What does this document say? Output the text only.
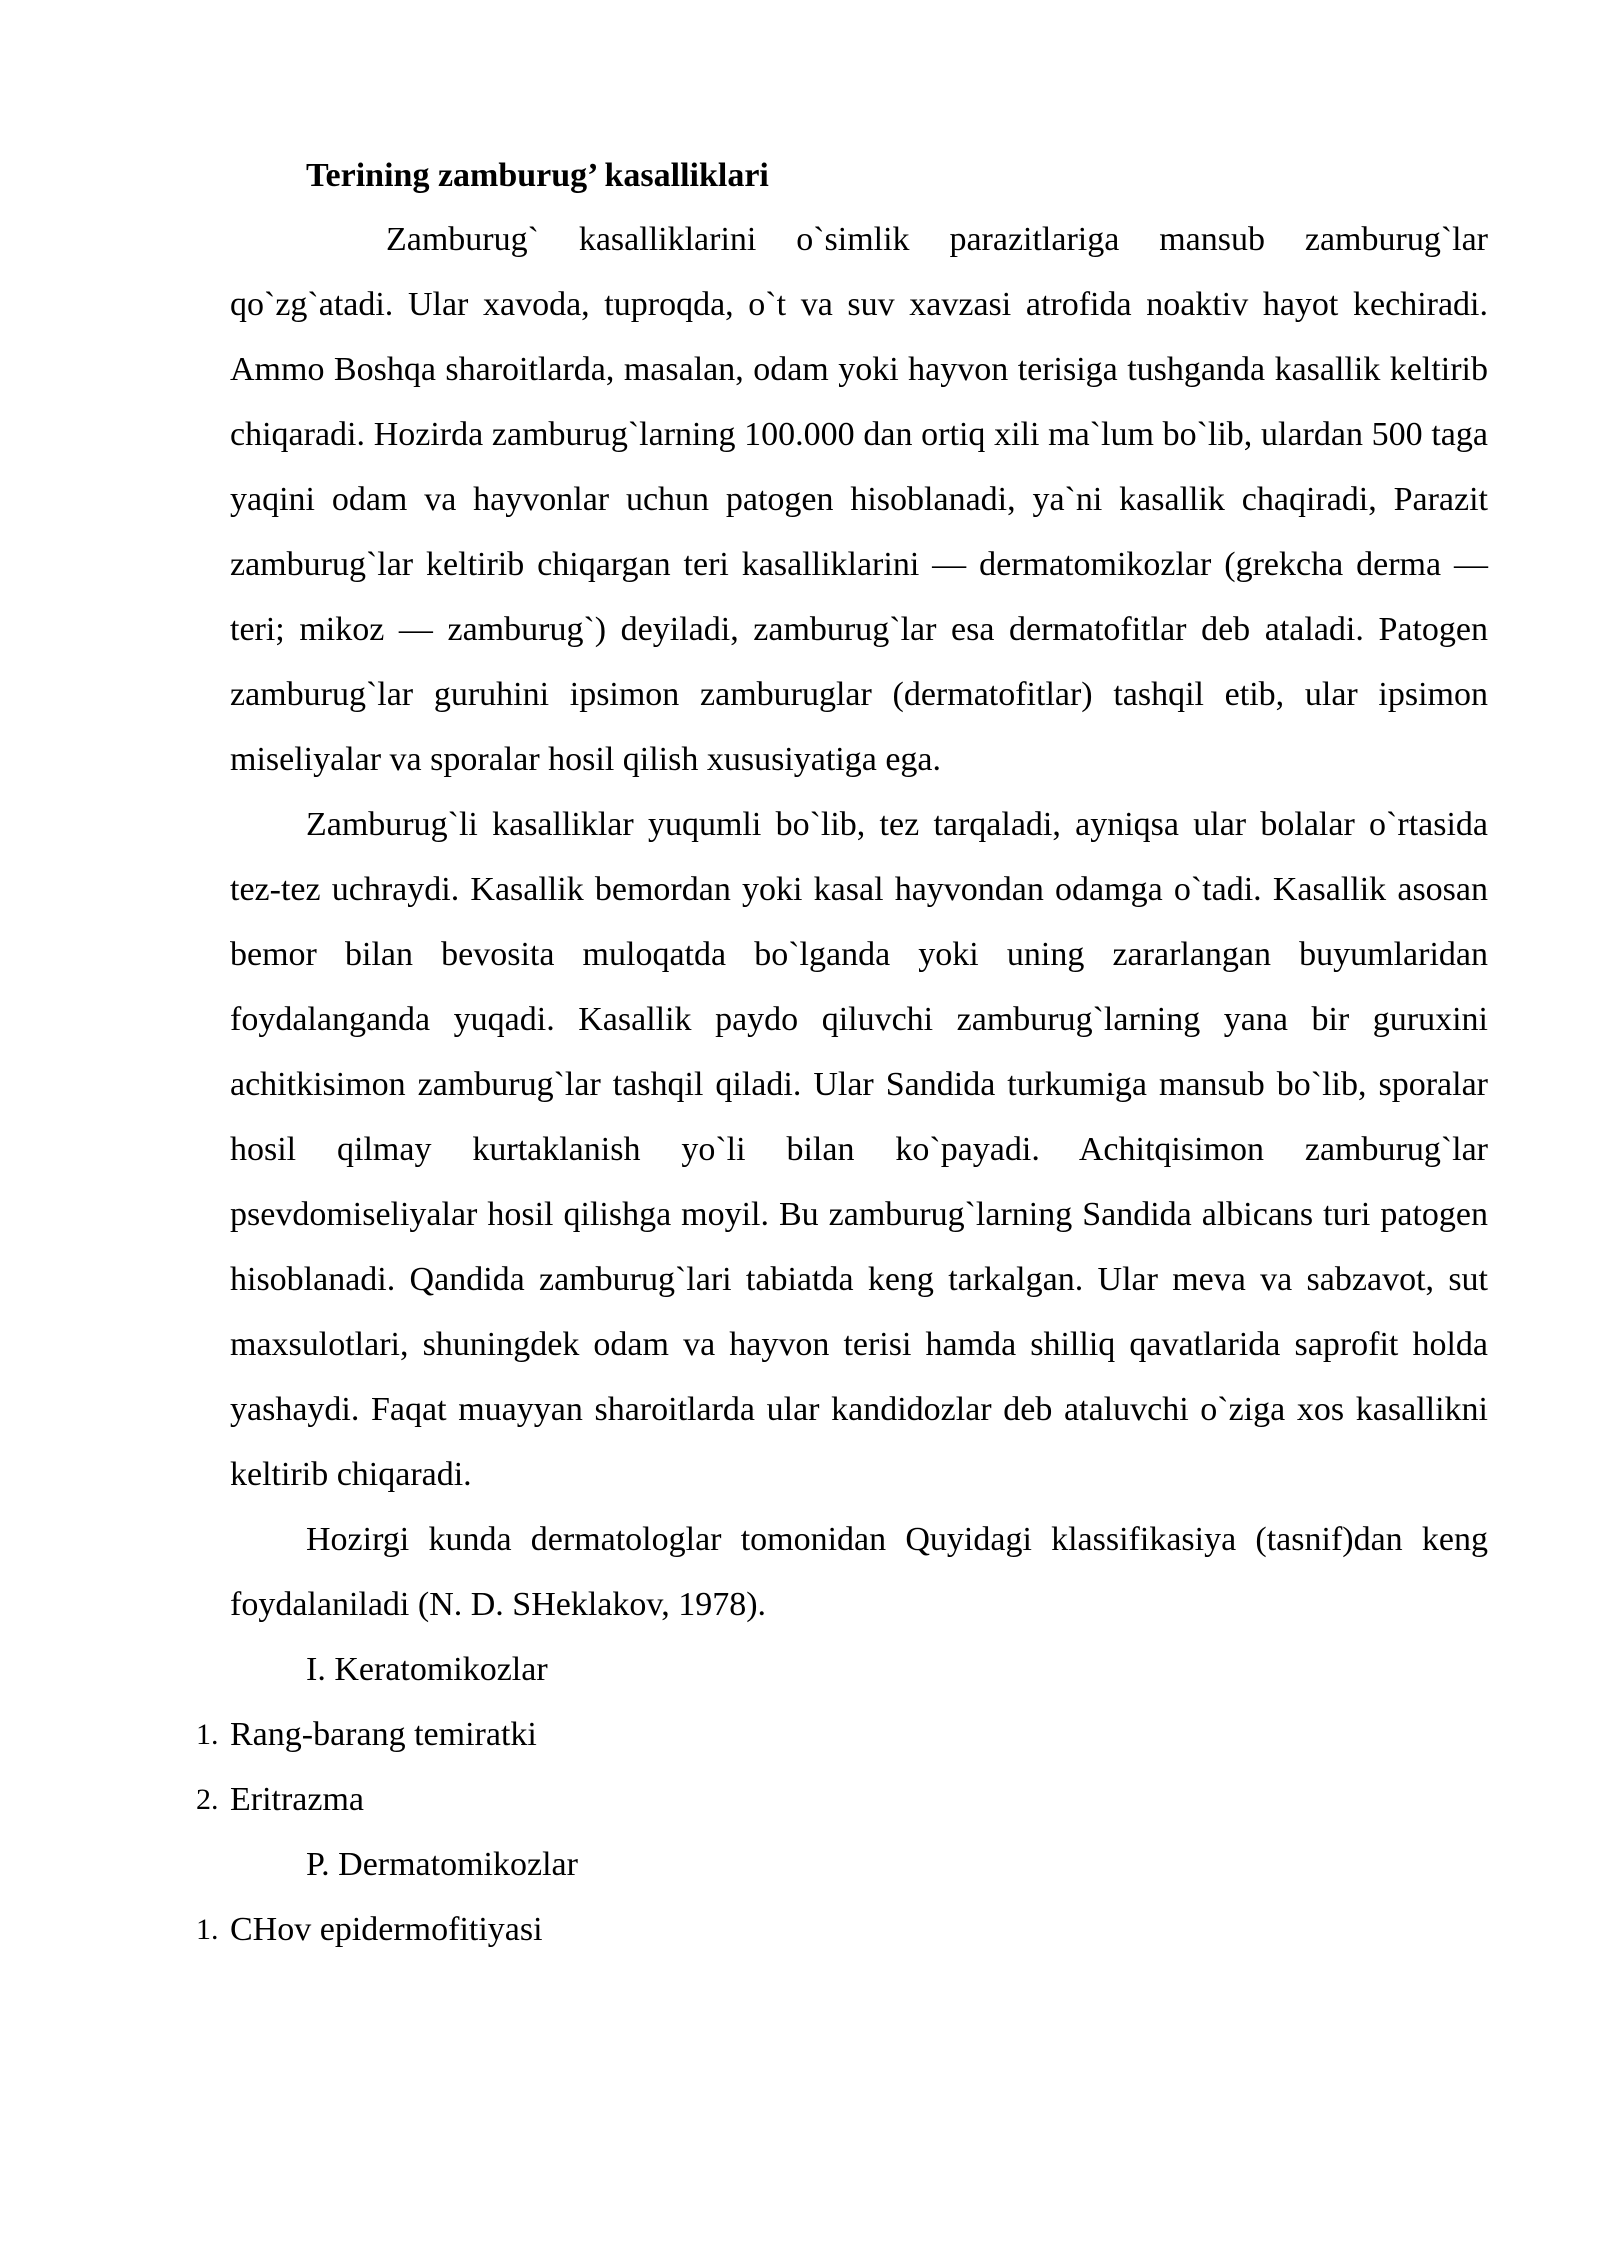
Terining zamburug’ kasalliklari

Zamburug` kasalliklarini o`simlik parazitlariga mansub zamburug`lar qo`zg`atadi. Ular xavoda, tuproqda, o`t va suv xavzasi atrofida noaktiv hayot kechiradi. Ammo Boshqa sharoitlarda, masalan, odam yoki hayvon terisiga tushganda kasallik keltirib chiqaradi. Hozirda zamburug`larning 100.000 dan ortiq xili ma`lum bo`lib, ulardan 500 taga yaqini odam va hayvonlar uchun patogen hisoblanadi, ya`ni kasallik chaqiradi, Parazit zamburug`lar keltirib chiqargan teri kasalliklarini — dermatomikozlar (grekcha derma — teri; mikoz — zamburug`) deyiladi, zamburug`lar esa dermatofitlar deb ataladi. Patogen zamburug`lar guruhini ipsimon zamburuglar (dermatofitlar) tashqil etib, ular ipsimon miseliyalar va sporalar hosil qilish xususiyatiga ega.

Zamburug`li kasalliklar yuqumli bo`lib, tez tarqaladi, ayniqsa ular bolalar o`rtasida tez-tez uchraydi. Kasallik bemordan yoki kasal hayvondan odamga o`tadi. Kasallik asosan bemor bilan bevosita muloqatda bo`lganda yoki uning zararlangan buyumlaridan foydalanganda yuqadi. Kasallik paydo qiluvchi zamburug`larning yana bir guruxini achitkisimon zamburug`lar tashqil qiladi. Ular Sandida turkumiga mansub bo`lib, sporalar hosil qilmay kurtaklanish yo`li bilan ko`payadi. Achitqisimon zamburug`lar psevdomiseliyalar hosil qilishga moyil. Bu zamburug`larning Sandida albicans turi patogen hisoblanadi. Qandida zamburug`lari tabiatda keng tarkalgan. Ular meva va sabzavot, sut maxsulotlari, shuningdek odam va hayvon terisi hamda shilliq qavatlarida saprofit holda yashaydi. Faqat muayyan sharoitlarda ular kandidozlar deb ataluvchi o`ziga xos kasallikni keltirib chiqaradi.

Hozirgi kunda dermatologlar tomonidan Quyidagi klassifikasiya (tasnif)dan keng foydalaniladi (N. D. SHeklakov, 1978).

I. Keratomikozlar
1. Rang-barang temiratki
2. Eritrazma
P. Dermatomikozlar
1. CHov epidermofitiyasi
